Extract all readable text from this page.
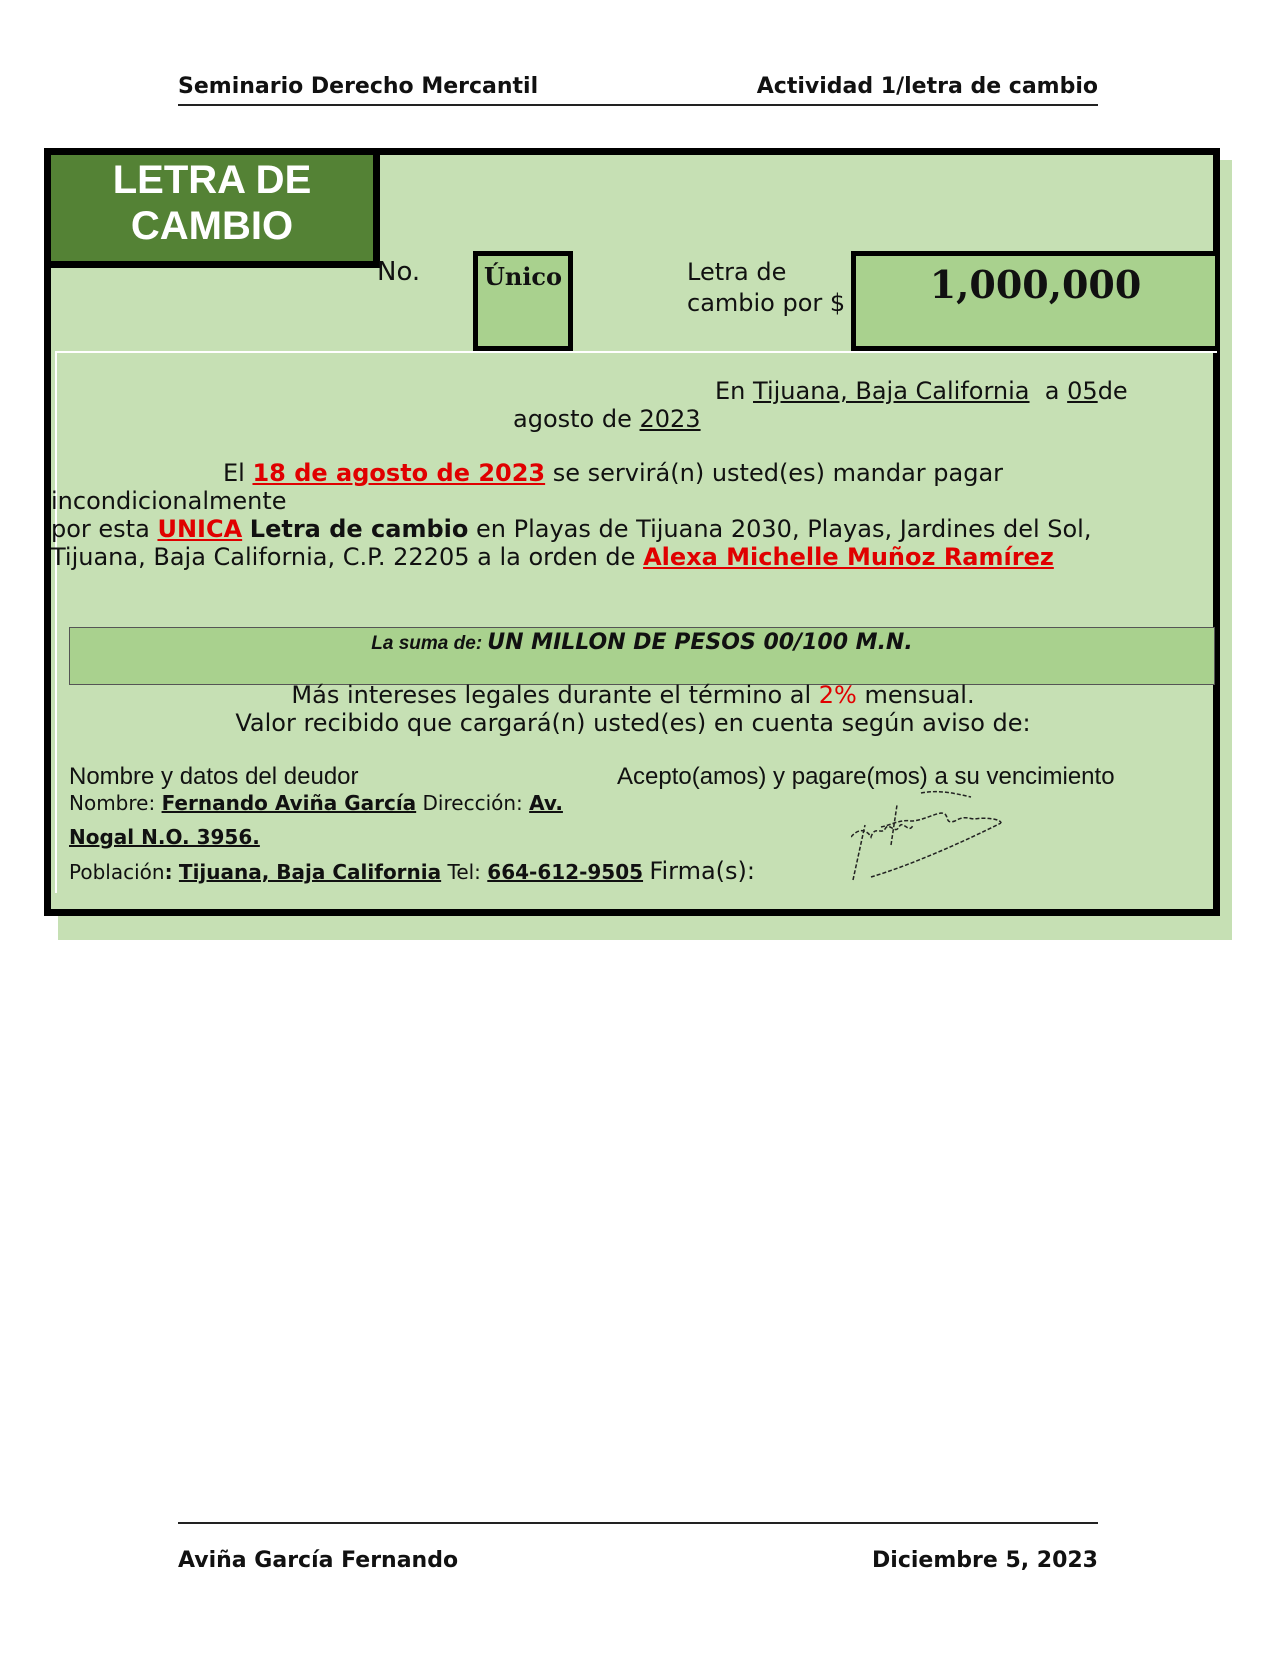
Seminario Derecho Mercantil	Actividad 1/letra de cambio
LETRA DE
CAMBIO
No.	Único	Letra de cambio por $	1,000,000
En Tijuana, Baja California a 05de
agosto de 2023
El 18 de agosto de 2023 se servirá(n) usted(es) mandar pagar
incondicionalmente
por esta UNICA Letra de cambio en Playas de Tijuana 2030, Playas, Jardines del Sol,
Tijuana, Baja California, C.P. 22205 a la orden de Alexa Michelle Muñoz Ramírez
La suma de: UN MILLON DE PESOS 00/100 M.N.
Más intereses legales durante el término al 2% mensual.
Valor recibido que cargará(n) usted(es) en cuenta según aviso de:
Nombre y datos del deudor	Acepto(amos) y pagare(mos) a su vencimiento
Nombre: Fernando Aviña García Dirección: Av.
Nogal N.O. 3956.
Población: Tijuana, Baja California Tel: 664-612-9505 Firma(s):
Aviña García Fernando	Diciembre 5, 2023
